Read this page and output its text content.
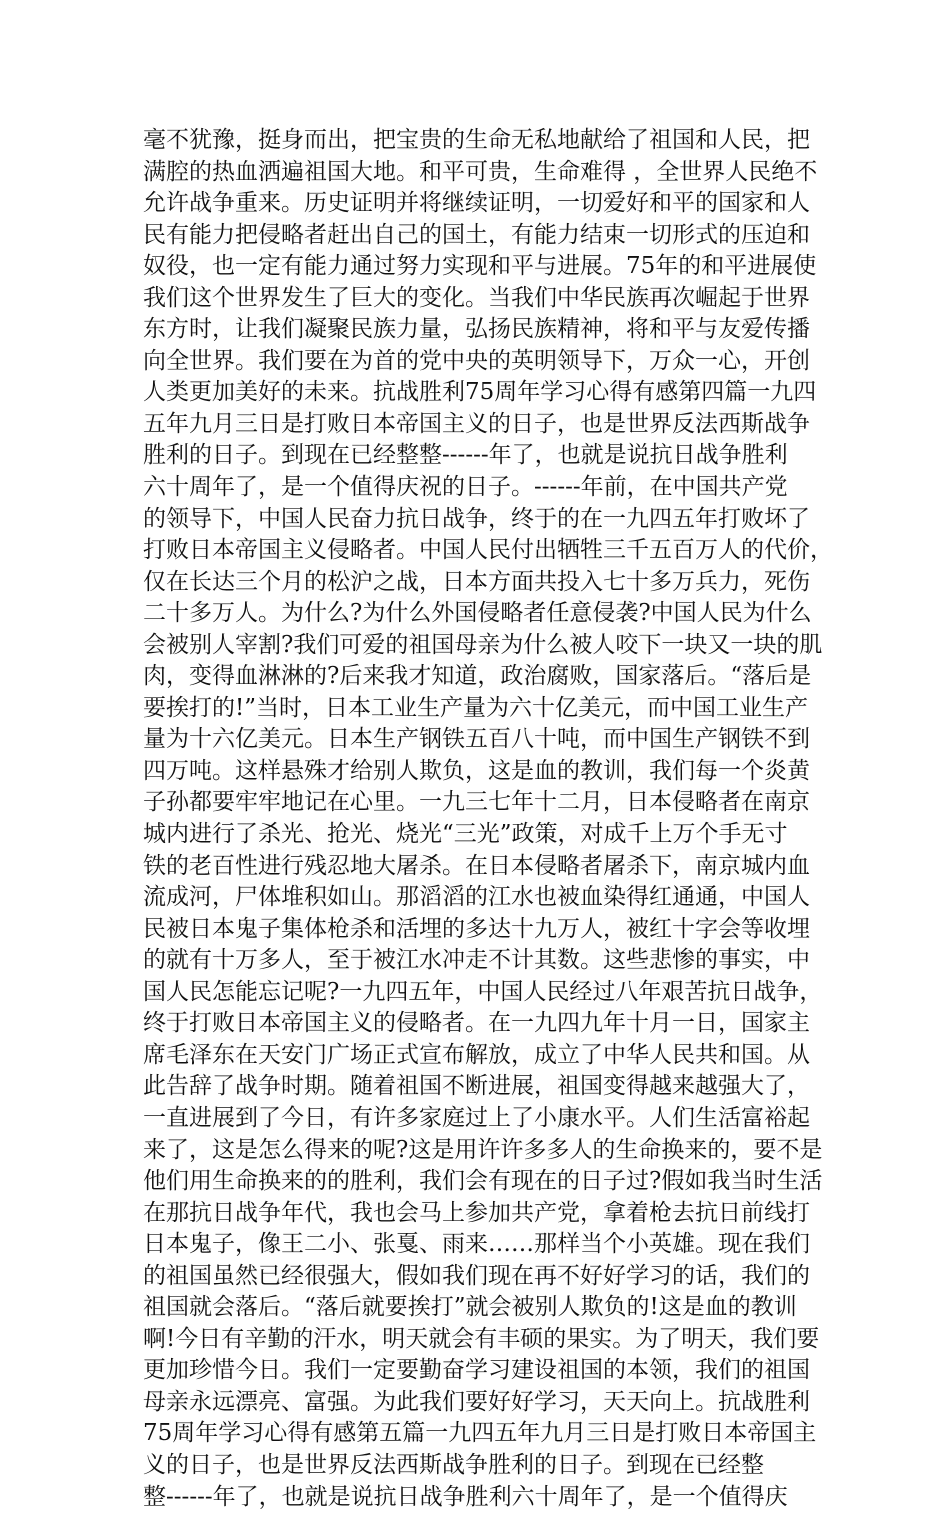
毫不犹豫，挺身而出，把宝贵的生命无私地献给了祖国和人民，把
满腔的热血洒遍祖国大地。和平可贵，生命难得 ，全世界人民绝不
允许战争重来。历史证明并将继续证明，一切爱好和平的国家和人
民有能力把侵略者赶出自己的国土，有能力结束一切形式的压迫和
奴役，也一定有能力通过努力实现和平与进展。75年的和平进展使
我们这个世界发生了巨大的变化。当我们中华民族再次崛起于世界
东方时，让我们凝聚民族力量，弘扬民族精神，将和平与友爱传播
向全世界。我们要在为首的党中央的英明领导下，万众一心，开创
人类更加美好的未来。抗战胜利75周年学习心得有感第四篇一九四
五年九月三日是打败日本帝国主义的日子，也是世界反法西斯战争
胜利的日子。到现在已经整整------年了，也就是说抗日战争胜利
六十周年了，是一个值得庆祝的日子。------年前，在中国共产党
的领导下，中国人民奋力抗日战争，终于的在一九四五年打败坏了
打败日本帝国主义侵略者。中国人民付出牺牲三千五百万人的代价，
仅在长达三个月的松沪之战，日本方面共投入七十多万兵力，死伤
二十多万人。为什么?为什么外国侵略者任意侵袭?中国人民为什么
会被别人宰割?我们可爱的祖国母亲为什么被人咬下一块又一块的肌
肉，变得血淋淋的?后来我才知道，政治腐败，国家落后。“落后是
要挨打的!”当时，日本工业生产量为六十亿美元，而中国工业生产
量为十六亿美元。日本生产钢铁五百八十吨，而中国生产钢铁不到
四万吨。这样悬殊才给别人欺负，这是血的教训，我们每一个炎黄
子孙都要牢牢地记在心里。一九三七年十二月，日本侵略者在南京
城内进行了杀光、抢光、烧光“三光”政策，对成千上万个手无寸
铁的老百性进行残忍地大屠杀。在日本侵略者屠杀下，南京城内血
流成河，尸体堆积如山。那滔滔的江水也被血染得红通通，中国人
民被日本鬼子集体枪杀和活埋的多达十九万人，被红十字会等收埋
的就有十万多人，至于被江水冲走不计其数。这些悲惨的事实，中
国人民怎能忘记呢?一九四五年，中国人民经过八年艰苦抗日战争，
终于打败日本帝国主义的侵略者。在一九四九年十月一日，国家主
席毛泽东在天安门广场正式宣布解放，成立了中华人民共和国。从
此告辞了战争时期。随着祖国不断进展，祖国变得越来越强大了，
一直进展到了今日，有许多家庭过上了小康水平。人们生活富裕起
来了，这是怎么得来的呢?这是用许许多多人的生命换来的，要不是
他们用生命换来的的胜利，我们会有现在的日子过?假如我当时生活
在那抗日战争年代，我也会马上参加共产党，拿着枪去抗日前线打
日本鬼子，像王二小、张戛、雨来……那样当个小英雄。现在我们
的祖国虽然已经很强大，假如我们现在再不好好学习的话，我们的
祖国就会落后。“落后就要挨打”就会被别人欺负的!这是血的教训
啊!今日有辛勤的汗水，明天就会有丰硕的果实。为了明天，我们要
更加珍惜今日。我们一定要勤奋学习建设祖国的本领，我们的祖国
母亲永远漂亮、富强。为此我们要好好学习，天天向上。抗战胜利
75周年学习心得有感第五篇一九四五年九月三日是打败日本帝国主
义的日子，也是世界反法西斯战争胜利的日子。到现在已经整
整------年了，也就是说抗日战争胜利六十周年了，是一个值得庆
